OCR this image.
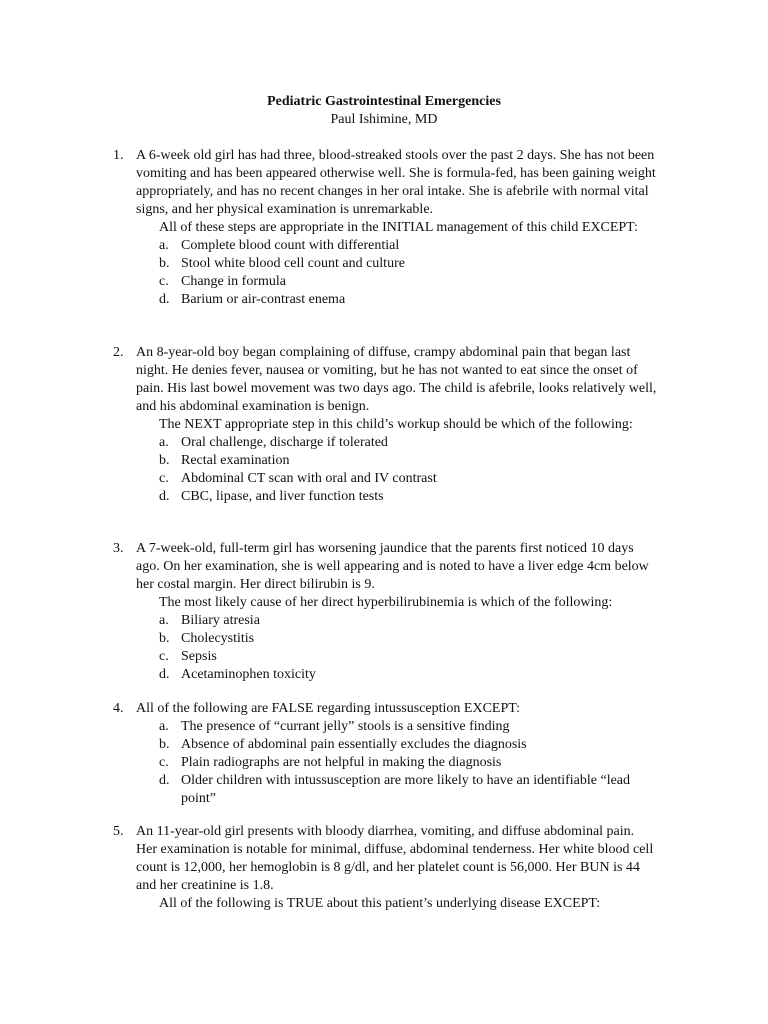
Pediatric Gastrointestinal Emergencies
Paul Ishimine, MD
1. A 6-week old girl has had three, blood-streaked stools over the past 2 days. She has not been vomiting and has been appeared otherwise well. She is formula-fed, has been gaining weight appropriately, and has no recent changes in her oral intake. She is afebrile with normal vital signs, and her physical examination is unremarkable.
All of these steps are appropriate in the INITIAL management of this child EXCEPT:
a. Complete blood count with differential
b. Stool white blood cell count and culture
c. Change in formula
d. Barium or air-contrast enema
2. An 8-year-old boy began complaining of diffuse, crampy abdominal pain that began last night. He denies fever, nausea or vomiting, but he has not wanted to eat since the onset of pain. His last bowel movement was two days ago. The child is afebrile, looks relatively well, and his abdominal examination is benign.
The NEXT appropriate step in this child’s workup should be which of the following:
a. Oral challenge, discharge if tolerated
b. Rectal examination
c. Abdominal CT scan with oral and IV contrast
d. CBC, lipase, and liver function tests
3. A 7-week-old, full-term girl has worsening jaundice that the parents first noticed 10 days ago. On her examination, she is well appearing and is noted to have a liver edge 4cm below her costal margin. Her direct bilirubin is 9.
The most likely cause of her direct hyperbilirubinemia is which of the following:
a. Biliary atresia
b. Cholecystitis
c. Sepsis
d. Acetaminophen toxicity
4. All of the following are FALSE regarding intussusception EXCEPT:
a. The presence of “currant jelly” stools is a sensitive finding
b. Absence of abdominal pain essentially excludes the diagnosis
c. Plain radiographs are not helpful in making the diagnosis
d. Older children with intussusception are more likely to have an identifiable “lead point”
5. An 11-year-old girl presents with bloody diarrhea, vomiting, and diffuse abdominal pain. Her examination is notable for minimal, diffuse, abdominal tenderness. Her white blood cell count is 12,000, her hemoglobin is 8 g/dl, and her platelet count is 56,000. Her BUN is 44 and her creatinine is 1.8.
All of the following is TRUE about this patient’s underlying disease EXCEPT:
